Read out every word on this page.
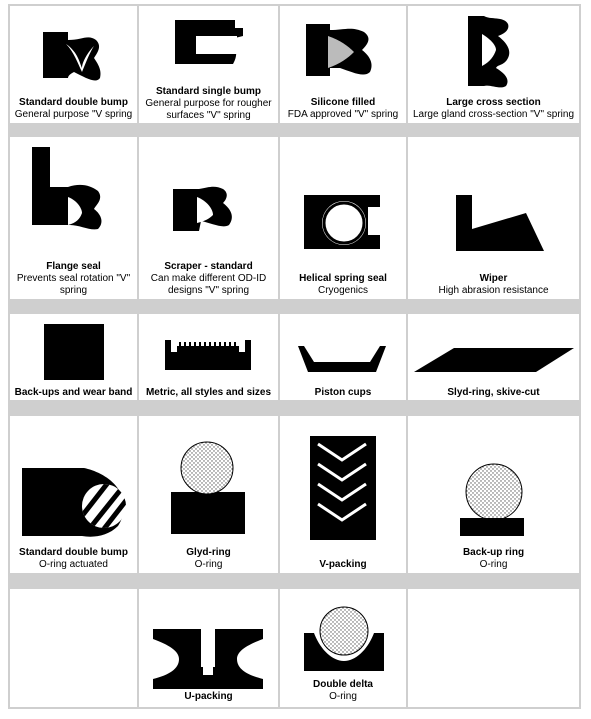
Standard double bump
General purpose "V spring
Standard single bump
General purpose for rougher
surfaces "V" spring
Silicone filled
FDA approved "V" spring
Large cross section
Large gland cross-section "V" spring
Flange seal
Prevents seal rotation "V"
spring
Scraper - standard
Can make different OD-ID
designs "V" spring
Helical spring seal
Cryogenics
Wiper
High abrasion resistance
Back-ups and wear band	Metric, all styles and sizes	Piston cups	Slyd-ring, skive-cut
Standard double bump
O-ring actuated
Glyd-ring
O-ring	V-packing
Back-up ring
O-ring
U-packing
Double delta
O-ring
